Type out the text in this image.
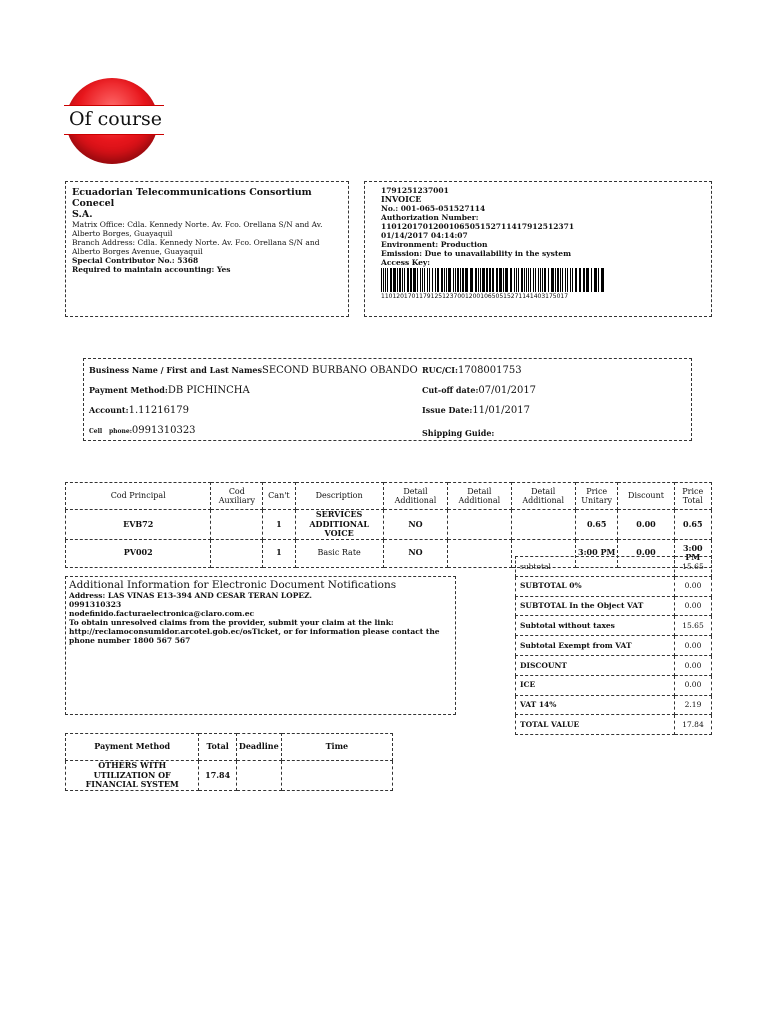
Of course
Ecuadorian Telecommunications Consortium Conecel
S.A.
Matrix Office: Cdla. Kennedy Norte. Av. Fco. Orellana S/N and Av. Alberto Borges, Guayaquil
Branch Address: Cdla. Kennedy Norte. Av. Fco. Orellana S/N and Alberto Borges Avenue, Guayaquil
Special Contributor No.: 5368
Required to maintain accounting: Yes
1791251237001
INVOICE
No.: 001-065-051527114
Authorization Number:
1101201701200106505152711417912512371
01/14/2017 04:14:07
Environment: Production
Emission: Due to unavailability in the system
Access Key:
1101201701179125123700120010650515271141403175017
Business Name / First and Last NamesSECOND BURBANO OBANDO RUC/CI:1708001753
Payment Method:DB PICHINCHA	Cut-off date:07/01/2017
Account:1.11216179	Issue Date:11/01/2017
Cell phone:0991310323	Shipping Guide:
Cod Principal	Cod Auxiliary	Can't	Description	Detail Additional	Detail Additional	Detail Additional	Price Unitary	Discount	Price Total
EVB72		1	SERVICES ADDITIONAL VOICE	NO			0.65	0.00	0.65
PV002		1	Basic Rate	NO			3:00 PM	0.00	3:00 PM
Additional Information for Electronic Document Notifications
Address: LAS VINAS E13-394 AND CESAR TERAN LOPEZ.
0991310323
nodefinido.facturaelectronica@claro.com.ec
To obtain unresolved claims from the provider, submit your claim at the link:
http://reclamoconsumidor.arcotel.gob.ec/osTicket, or for information please contact the
phone number 1800 567 567
subtotal	15.65
SUBTOTAL 0%	0.00
SUBTOTAL In the Object VAT	0.00
Subtotal without taxes	15.65
Subtotal Exempt from VAT	0.00
DISCOUNT	0.00
ICE	0.00
VAT 14%	2.19
TOTAL VALUE	17.84
Payment Method	Total	Deadline	Time
OTHERS WITH UTILIZATION OF FINANCIAL SYSTEM	17.84		
